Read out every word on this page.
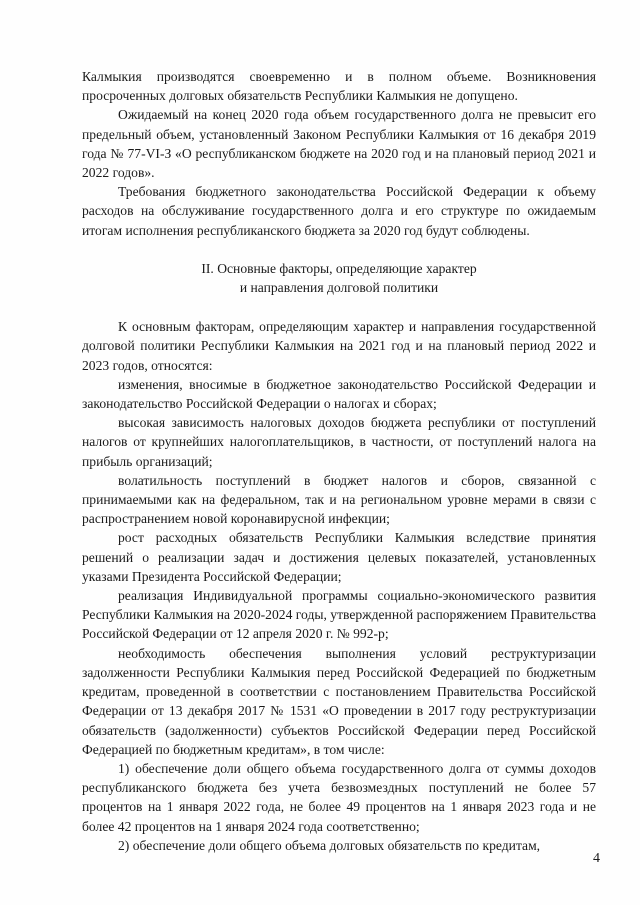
Калмыкия производятся своевременно и в полном объеме. Возникновения просроченных долговых обязательств Республики Калмыкия не допущено.

Ожидаемый на конец 2020 года объем государственного долга не превысит его предельный объем, установленный Законом Республики Калмыкия от 16 декабря 2019 года № 77-VI-З «О республиканском бюджете на 2020 год и на плановый период 2021 и 2022 годов».

Требования бюджетного законодательства Российской Федерации к объему расходов на обслуживание государственного долга и его структуре по ожидаемым итогам исполнения республиканского бюджета за 2020 год будут соблюдены.

II. Основные факторы, определяющие характер
и направления долговой политики

К основным факторам, определяющим характер и направления государственной долговой политики Республики Калмыкия на 2021 год и на плановый период 2022 и 2023 годов, относятся:

изменения, вносимые в бюджетное законодательство Российской Федерации и законодательство Российской Федерации о налогах и сборах;

высокая зависимость налоговых доходов бюджета республики от поступлений налогов от крупнейших налогоплательщиков, в частности, от поступлений налога на прибыль организаций;

волатильность поступлений в бюджет налогов и сборов, связанной с принимаемыми как на федеральном, так и на региональном уровне мерами в связи с распространением новой коронавирусной инфекции;

рост расходных обязательств Республики Калмыкия вследствие принятия решений о реализации задач и достижения целевых показателей, установленных указами Президента Российской Федерации;

реализация Индивидуальной программы социально-экономического развития Республики Калмыкия на 2020-2024 годы, утвержденной распоряжением Правительства Российской Федерации от 12 апреля 2020 г. № 992-р;

необходимость обеспечения выполнения условий реструктуризации задолженности Республики Калмыкия перед Российской Федерацией по бюджетным кредитам, проведенной в соответствии с постановлением Правительства Российской Федерации от 13 декабря 2017 № 1531 «О проведении в 2017 году реструктуризации обязательств (задолженности) субъектов Российской Федерации перед Российской Федерацией по бюджетным кредитам», в том числе:

1) обеспечение доли общего объема государственного долга от суммы доходов республиканского бюджета без учета безвозмездных поступлений не более 57 процентов на 1 января 2022 года, не более 49 процентов на 1 января 2023 года и не более 42 процентов на 1 января 2024 года соответственно;

2) обеспечение доли общего объема долговых обязательств по кредитам,

4
